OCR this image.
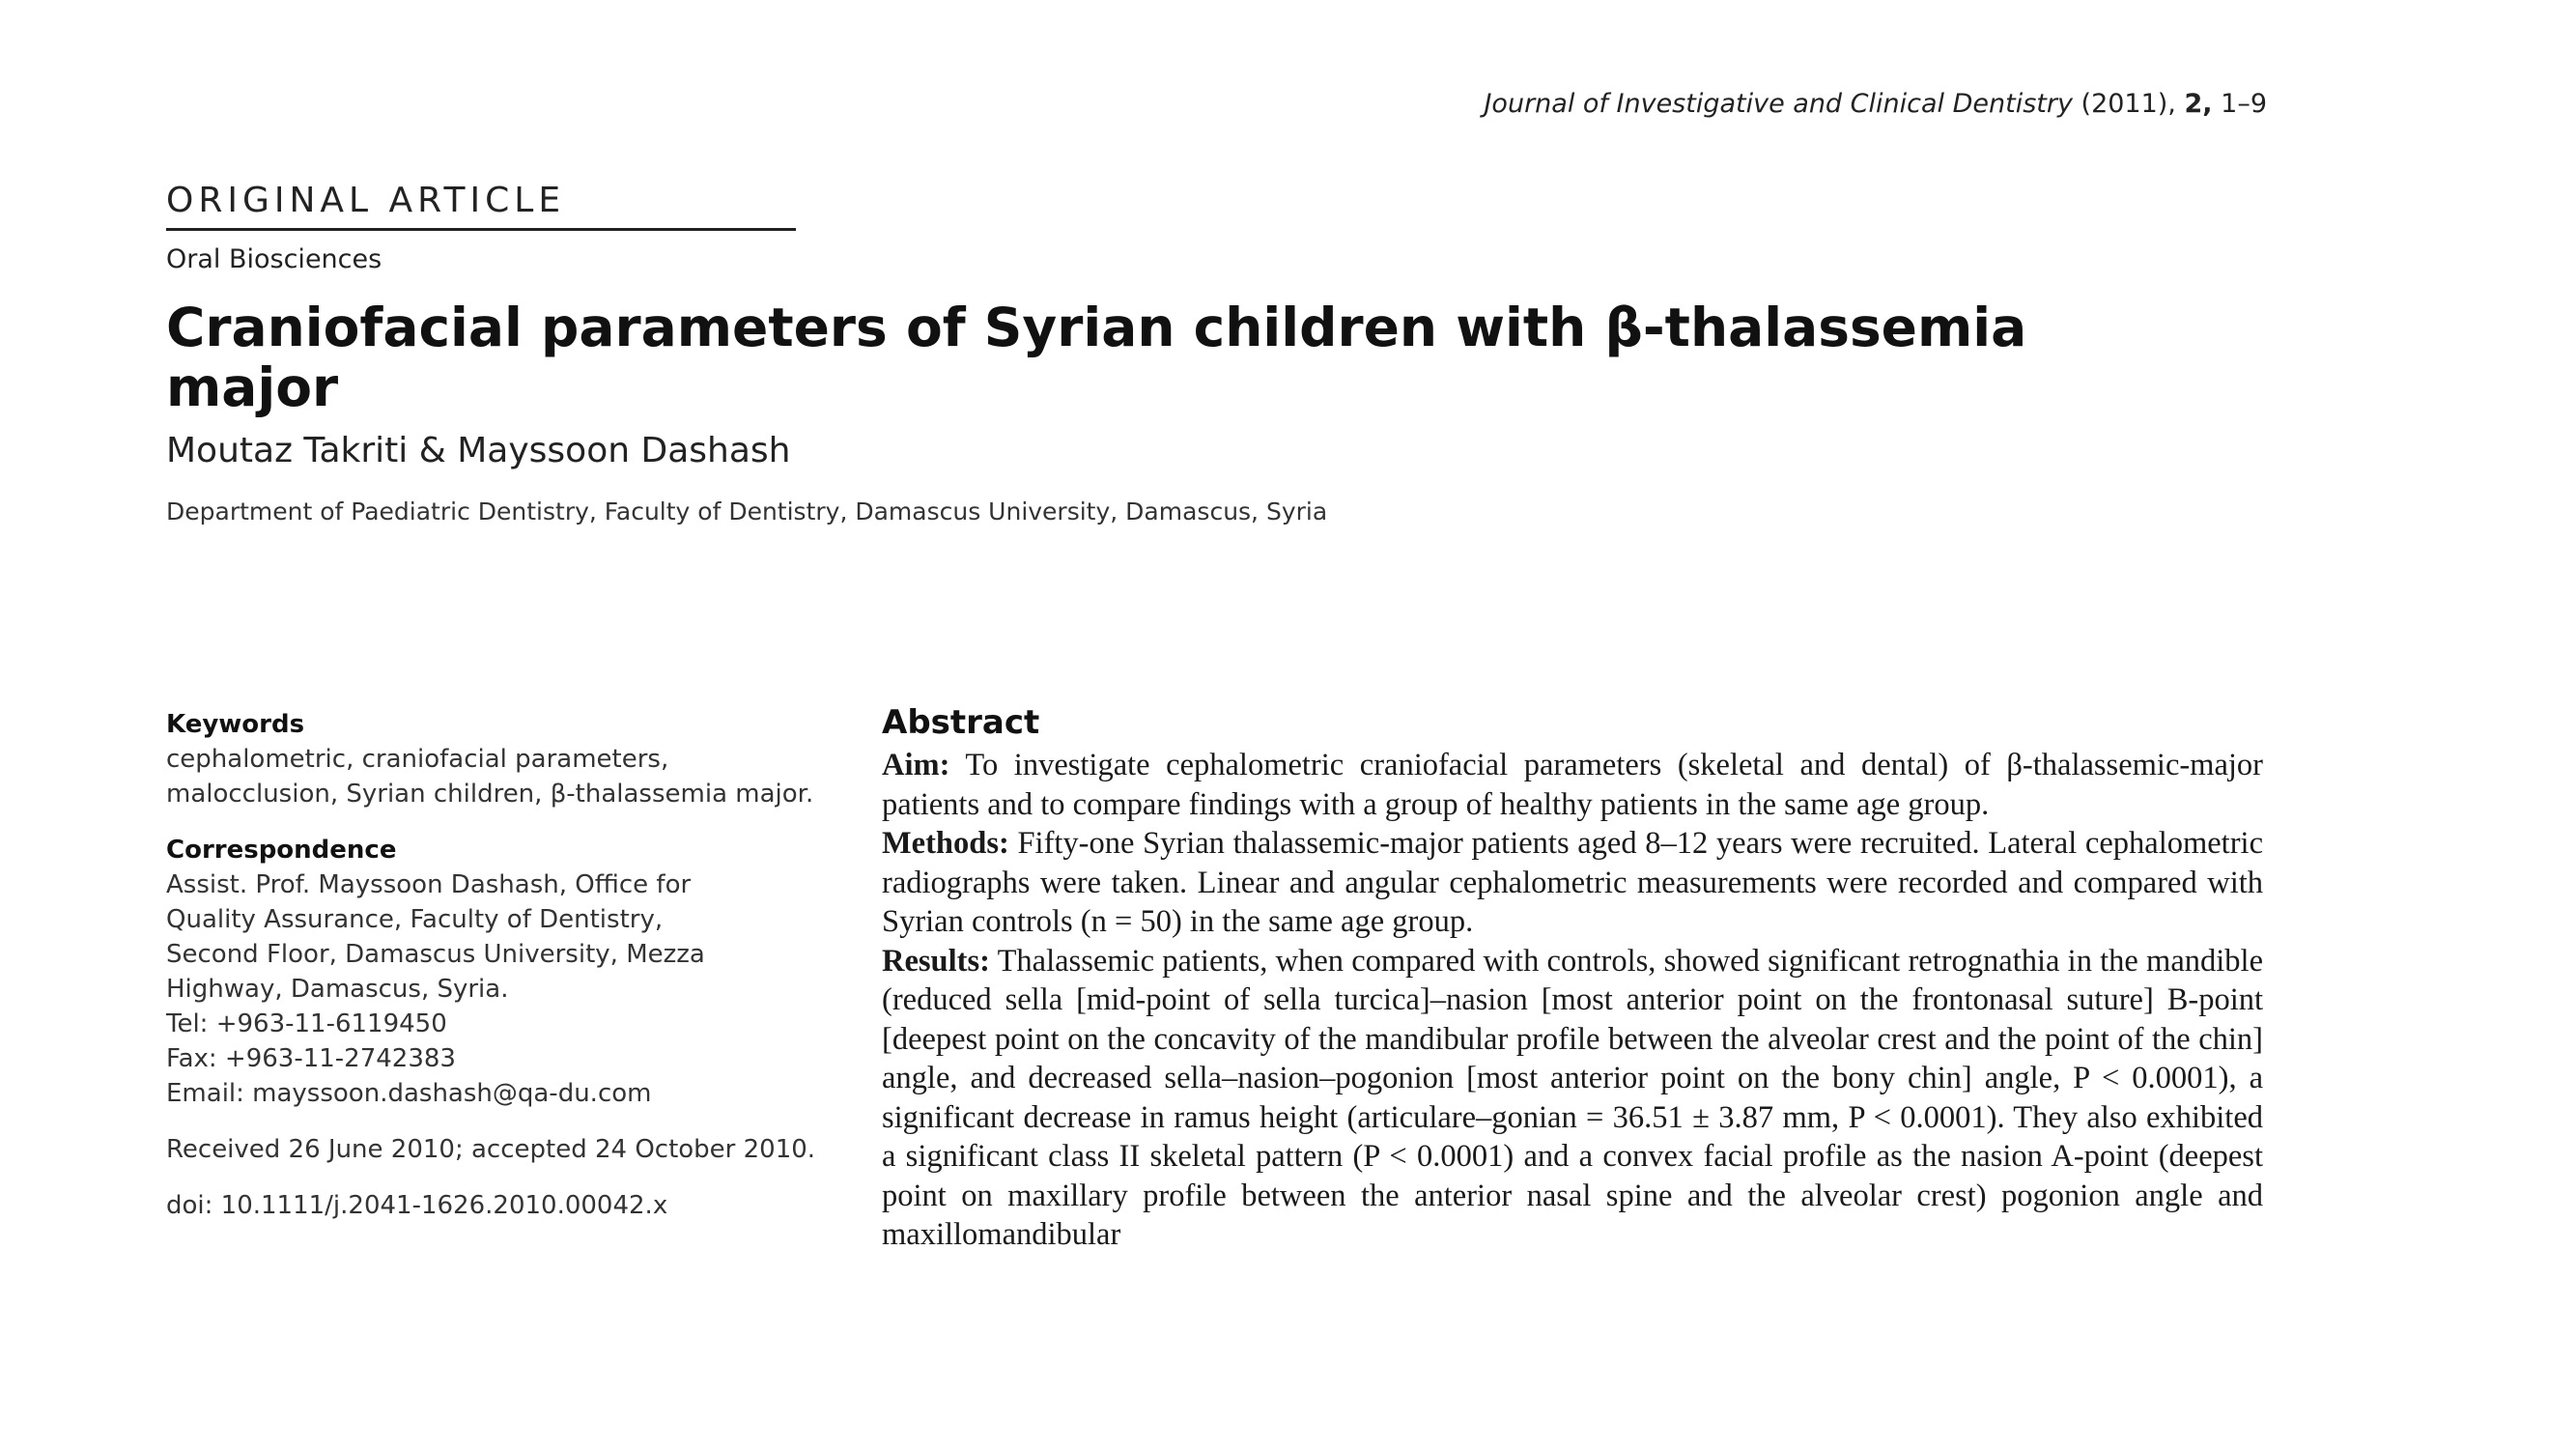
Journal of Investigative and Clinical Dentistry (2011), 2, 1–9
ORIGINAL ARTICLE
Oral Biosciences
Craniofacial parameters of Syrian children with β-thalassemia major
Moutaz Takriti & Mayssoon Dashash
Department of Paediatric Dentistry, Faculty of Dentistry, Damascus University, Damascus, Syria
Keywords
cephalometric, craniofacial parameters, malocclusion, Syrian children, β-thalassemia major.
Correspondence
Assist. Prof. Mayssoon Dashash, Office for
Quality Assurance, Faculty of Dentistry,
Second Floor, Damascus University, Mezza
Highway, Damascus, Syria.
Tel: +963-11-6119450
Fax: +963-11-2742383
Email: mayssoon.dashash@qa-du.com
Received 26 June 2010; accepted 24 October 2010.
doi: 10.1111/j.2041-1626.2010.00042.x
Abstract

Aim: To investigate cephalometric craniofacial parameters (skeletal and dental) of β-thalassemic-major patients and to compare findings with a group of healthy patients in the same age group.

Methods: Fifty-one Syrian thalassemic-major patients aged 8–12 years were recruited. Lateral cephalometric radiographs were taken. Linear and angular cephalometric measurements were recorded and compared with Syrian controls (n = 50) in the same age group.

Results: Thalassemic patients, when compared with controls, showed significant retrognathia in the mandible (reduced sella [mid-point of sella turcica]–nasion [most anterior point on the frontonasal suture] B-point [deepest point on the concavity of the mandibular profile between the alveolar crest and the point of the chin] angle, and decreased sella–nasion–pogonion [most anterior point on the bony chin] angle, P < 0.0001), a significant decrease in ramus height (articulare–gonian = 36.51 ± 3.87 mm, P < 0.0001). They also exhibited a significant class II skeletal pattern (P < 0.0001) and a convex facial profile as the nasion A-point (deepest point on maxillary profile between the anterior nasal spine and the alveolar crest) pogonion angle and maxillomandibular
